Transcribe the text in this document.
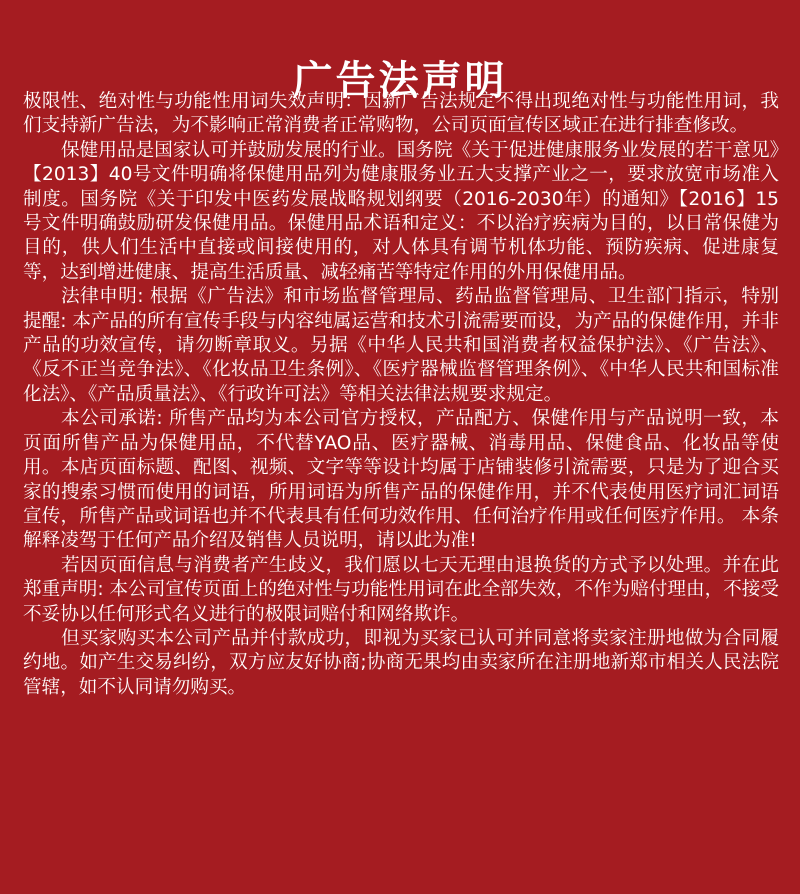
广告法声明

极限性、绝对性与功能性用词失效声明：因新广告法规定不得出现绝对性与功能性用词，我们支持新广告法，为不影响正常消费者正常购物，公司页面宣传区域正在进行排查修改。

保健用品是国家认可并鼓励发展的行业。国务院《关于促进健康服务业发展的若干意见》【2013】40号文件明确将保健用品列为健康服务业五大支撑产业之一，要求放宽市场准入制度。国务院《关于印发中医药发展战略规划纲要（2016-2030年）的通知》【2016】15号文件明确鼓励研发保健用品。保健用品术语和定义：不以治疗疾病为目的，以日常保健为目的，供人们生活中直接或间接使用的，对人体具有调节机体功能、预防疾病、促进康复等，达到增进健康、提高生活质量、减轻痛苦等特定作用的外用保健用品。

法律申明: 根据《广告法》和市场监督管理局、药品监督管理局、卫生部门指示，特别提醒: 本产品的所有宣传手段与内容纯属运营和技术引流需要而设，为产品的保健作用，并非产品的功效宣传，请勿断章取义。另据《中华人民共和国消费者权益保护法》、《广告法》、《反不正当竞争法》、《化妆品卫生条例》、《医疗器械监督管理条例》、《中华人民共和国标准化法》、《产品质量法》、《行政许可法》等相关法律法规要求规定。

本公司承诺: 所售产品均为本公司官方授权，产品配方、保健作用与产品说明一致，本页面所售产品为保健用品，不代替YAO品、医疗器械、消毒用品、保健食品、化妆品等使用。本店页面标题、配图、视频、文字等等设计均属于店铺装修引流需要，只是为了迎合买家的搜索习惯而使用的词语，所用词语为所售产品的保健作用，并不代表使用医疗词汇词语宣传，所售产品或词语也并不代表具有任何功效作用、任何治疗作用或任何医疗作用。 本条解释凌驾于任何产品介绍及销售人员说明，请以此为准!

若因页面信息与消费者产生歧义，我们愿以七天无理由退换货的方式予以处理。并在此郑重声明: 本公司宣传页面上的绝对性与功能性用词在此全部失效，不作为赔付理由，不接受不妥协以任何形式名义进行的极限词赔付和网络欺诈。

但买家购买本公司产品并付款成功，即视为买家已认可并同意将卖家注册地做为合同履约地。如产生交易纠纷，双方应友好协商;协商无果均由卖家所在注册地新郑市相关人民法院管辖，如不认同请勿购买。
